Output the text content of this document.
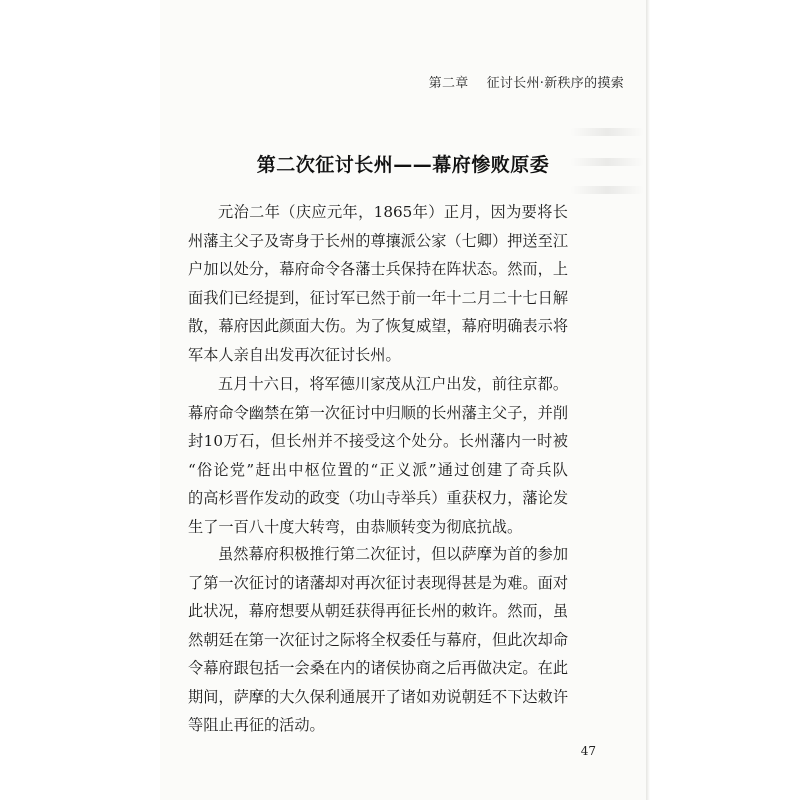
第二章 征讨长州·新秩序的摸索
第二次征讨长州——幕府惨败原委

元治二年（庆应元年，1865年）正月，因为要将长
州藩主父子及寄身于长州的尊攘派公家（七卿）押送至江
户加以处分，幕府命令各藩士兵保持在阵状态。然而，上
面我们已经提到，征讨军已然于前一年十二月二十七日解
散，幕府因此颜面大伤。为了恢复威望，幕府明确表示将
军本人亲自出发再次征讨长州。

五月十六日，将军德川家茂从江户出发，前往京都。
幕府命令幽禁在第一次征讨中归顺的长州藩主父子，并削
封10万石，但长州并不接受这个处分。长州藩内一时被
“俗论党”赶出中枢位置的“正义派”通过创建了奇兵队
的高杉晋作发动的政变（功山寺举兵）重获权力，藩论发
生了一百八十度大转弯，由恭顺转变为彻底抗战。

虽然幕府积极推行第二次征讨，但以萨摩为首的参加
了第一次征讨的诸藩却对再次征讨表现得甚是为难。面对
此状况，幕府想要从朝廷获得再征长州的敕许。然而，虽
然朝廷在第一次征讨之际将全权委任与幕府，但此次却命
令幕府跟包括一会桑在内的诸侯协商之后再做决定。在此
期间，萨摩的大久保利通展开了诸如劝说朝廷不下达敕许
等阻止再征的活动。

47
